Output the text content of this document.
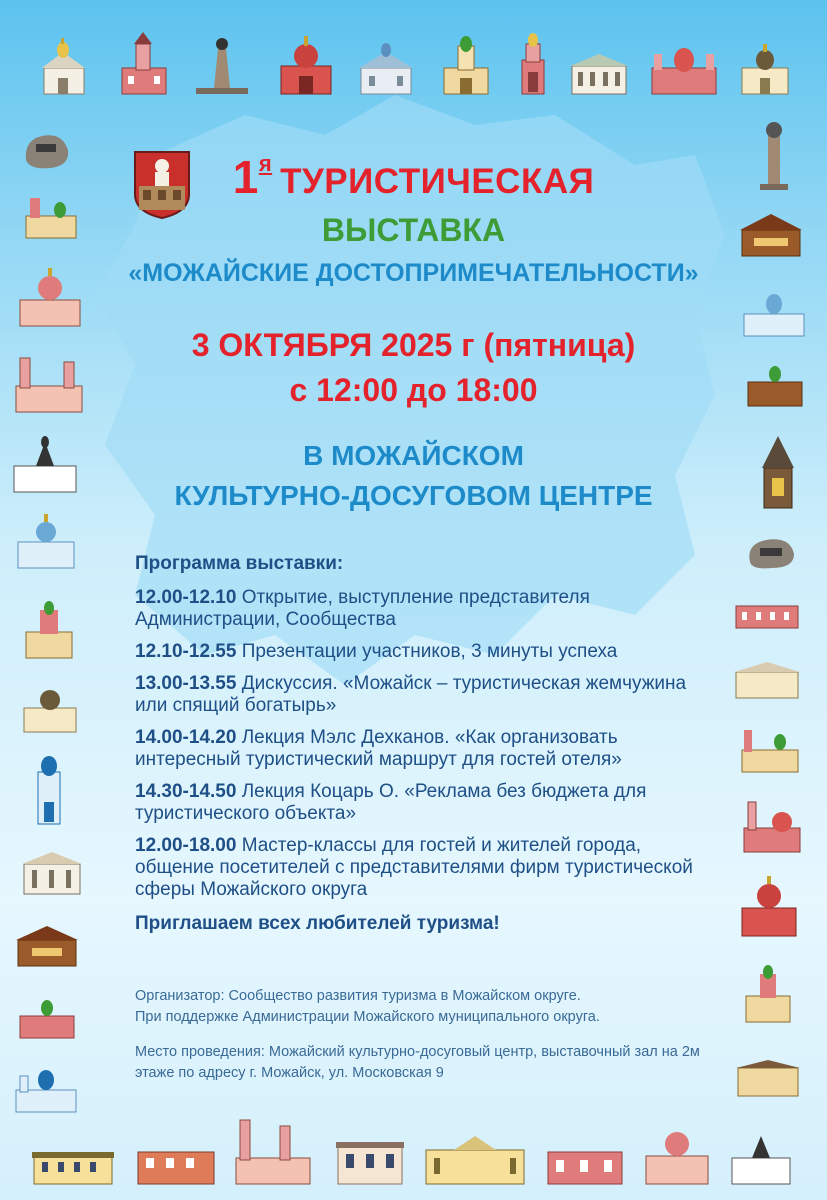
$1^я$ ТУРИСТИЧЕСКАЯ
ВЫСТАВКА
«МОЖАЙСКИЕ ДОСТОПРИМЕЧАТЕЛЬНОСТИ»
3 ОКТЯБРЯ 2025 г (пятница)
с 12:00 до 18:00
В МОЖАЙСКОМ
КУЛЬТУРНО-ДОСУГОВОМ ЦЕНТРЕ
Программа выставки:
12.00-12.10 Открытие, выступление представителя Администрации, Сообщества
12.10-12.55 Презентации участников, 3 минуты успеха
13.00-13.55 Дискуссия. «Можайск – туристическая жемчужина или спящий богатырь»
14.00-14.20 Лекция Мэлс Дехканов. «Как организовать интересный туристический маршрут для гостей отеля»
14.30-14.50 Лекция Коцарь О. «Реклама без бюджета для туристического объекта»
12.00-18.00 Мастер-классы для гостей и жителей города, общение посетителей с представителями фирм туристической сферы Можайского округа
Приглашаем всех любителей туризма!

Организатор: Сообщество развития туризма в Можайском округе.
При поддержке Администрации Можайского муниципального округа.

Место проведения: Можайский культурно-досуговый центр, выставочный зал на 2м этаже по адресу г. Можайск, ул. Московская 9
